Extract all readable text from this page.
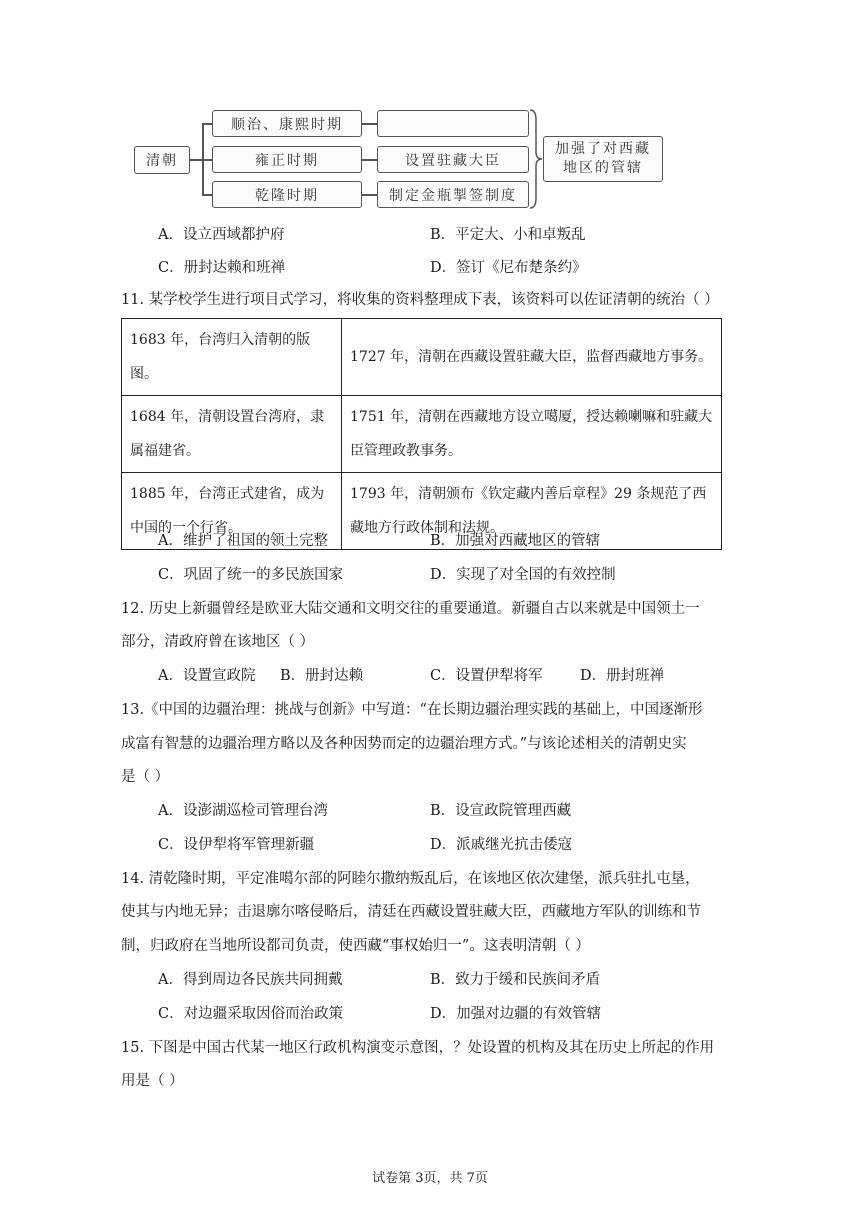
清朝
顺治、康熙时期
雍正时期
乾隆时期
设置驻藏大臣
制定金瓶掣签制度
加强了对西藏地区的管辖
A．设立西域都护府	B．平定大、小和卓叛乱
C．册封达赖和班禅	D．签订《尼布楚条约》
11. 某学校学生进行项目式学习，将收集的资料整理成下表，该资料可以佐证清朝的统治（ ）
1683 年，台湾归入清朝的版图。	1727 年，清朝在西藏设置驻藏大臣，监督西藏地方事务。
1684 年，清朝设置台湾府，隶属福建省。	1751 年，清朝在西藏地方设立噶厦，授达赖喇嘛和驻藏大臣管理政教事务。
1885 年，台湾正式建省，成为中国的一个行省。	1793 年，清朝颁布《钦定藏内善后章程》29 条规范了西藏地方行政体制和法规。
A．维护了祖国的领土完整	B．加强对西藏地区的管辖
C．巩固了统一的多民族国家	D．实现了对全国的有效控制
12. 历史上新疆曾经是欧亚大陆交通和文明交往的重要通道。新疆自古以来就是中国领土一
部分，清政府曾在该地区（ ）
A．设置宣政院 B．册封达赖	C．设置伊犁将军	D．册封班禅
13.《中国的边疆治理：挑战与创新》中写道：“在长期边疆治理实践的基础上，中国逐渐形
成富有智慧的边疆治理方略以及各种因势而定的边疆治理方式。”与该论述相关的清朝史实
是（ ）
A．设澎湖巡检司管理台湾	B．设宣政院管理西藏
C．设伊犁将军管理新疆	D．派戚继光抗击倭寇
14. 清乾隆时期，平定准噶尔部的阿睦尔撒纳叛乱后，在该地区依次建堡，派兵驻扎屯垦，
使其与内地无异；击退廓尔喀侵略后，清廷在西藏设置驻藏大臣，西藏地方军队的训练和节
制，归政府在当地所设都司负责，使西藏“事权始归一”。这表明清朝（ ）
A．得到周边各民族共同拥戴	B．致力于缓和民族间矛盾
C．对边疆采取因俗而治政策	D．加强对边疆的有效管辖
15. 下图是中国古代某一地区行政机构演变示意图，？处设置的机构及其在历史上所起的作用
用是（ ）
试卷第 3页，共 7页
